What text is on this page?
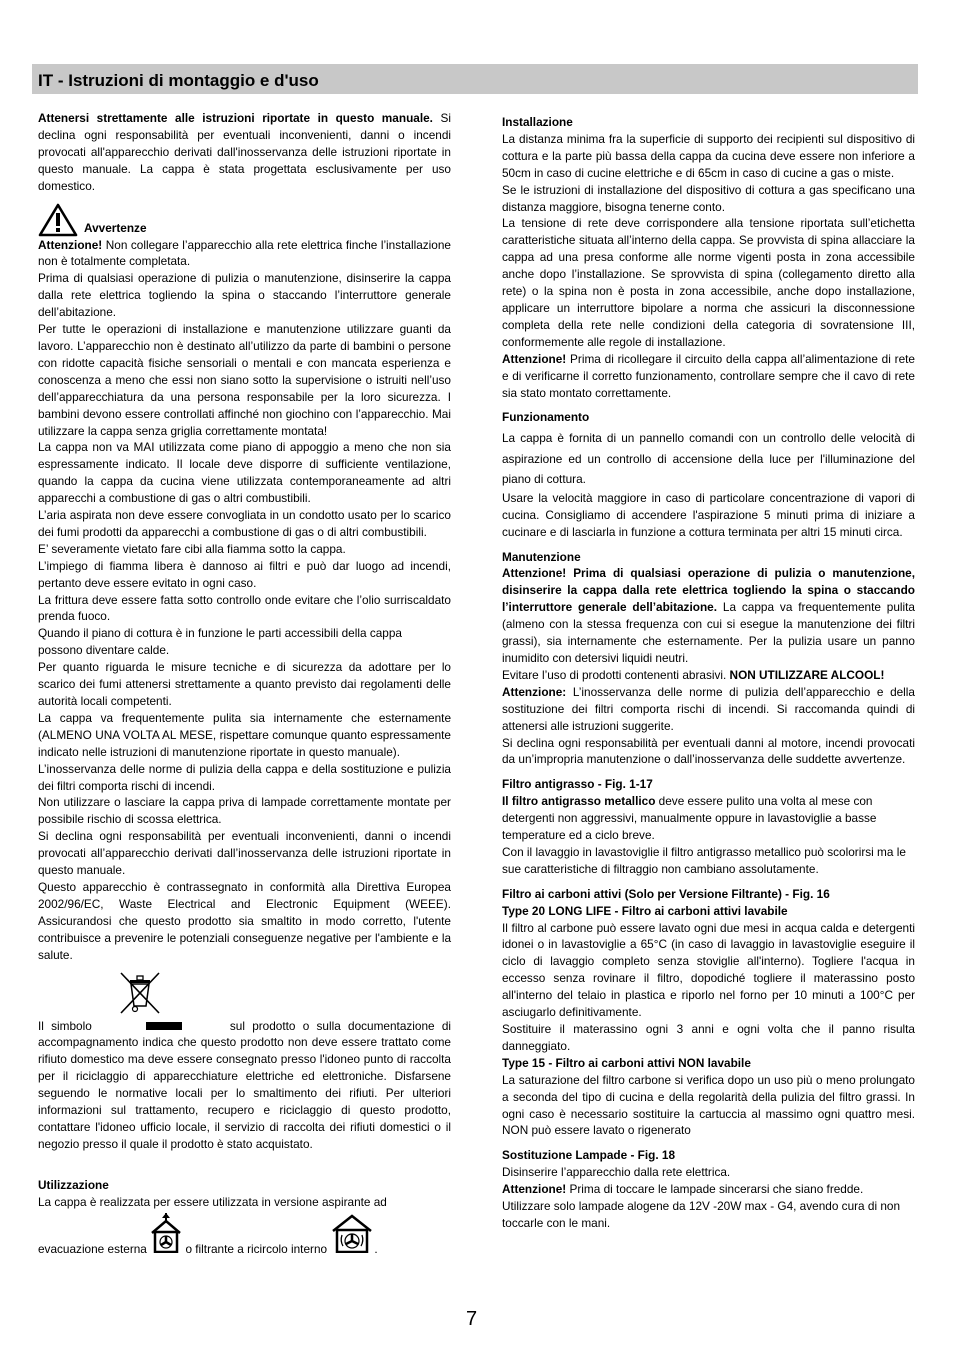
IT - Istruzioni di montaggio e d'uso

Attenersi strettamente alle istruzioni riportate in questo manuale. Si declina ogni responsabilità per eventuali inconvenienti, danni o incendi provocati all'apparecchio derivati dall'inosservanza delle istruzioni riportate in questo manuale. La cappa è stata progettata esclusivamente per uso domestico.

Avvertenze

Attenzione! Non collegare l’apparecchio alla rete elettrica finche l’installazione non è totalmente completata.

Prima di qualsiasi operazione di pulizia o manutenzione, disinserire la cappa dalla rete elettrica togliendo la spina o staccando l’interruttore generale dell’abitazione.

Per tutte le operazioni di installazione e manutenzione utilizzare guanti da lavoro. L’apparecchio non è destinato all’utilizzo da parte di bambini o persone con ridotte capacità fisiche sensoriali o mentali e con mancata esperienza e conoscenza a meno che essi non siano sotto la supervisione o istruiti nell’uso dell’apparecchiatura da una persona responsabile per la loro sicurezza. I bambini devono essere controllati affinché non giochino con l’apparecchio. Mai utilizzare la cappa senza griglia correttamente montata!

La cappa non va MAI utilizzata come piano di appoggio a meno che non sia espressamente indicato. Il locale deve disporre di sufficiente ventilazione, quando la cappa da cucina viene utilizzata contemporaneamente ad altri apparecchi a combustione di gas o altri combustibili.

L’aria aspirata non deve essere convogliata in un condotto usato per lo scarico dei fumi prodotti da apparecchi a combustione di gas o di altri combustibili.

E’ severamente vietato fare cibi alla fiamma sotto la cappa.

L’impiego di fiamma libera è dannoso ai filtri e può dar luogo ad incendi, pertanto deve essere evitato in ogni caso.

La frittura deve essere fatta sotto controllo onde evitare che l’olio surriscaldato prenda fuoco.

Quando il piano di cottura è in funzione le parti accessibili della cappa possono diventare calde.

Per quanto riguarda le misure tecniche e di sicurezza da adottare per lo scarico dei fumi attenersi strettamente a quanto previsto dai regolamenti delle autorità locali competenti.

La cappa va frequentemente pulita sia internamente che esternamente (ALMENO UNA VOLTA AL MESE, rispettare comunque quanto espressamente indicato nelle istruzioni di manutenzione riportate in questo manuale).

L’inosservanza delle norme di pulizia della cappa e della sostituzione e pulizia dei filtri comporta rischi di incendi.

Non utilizzare o lasciare la cappa priva di lampade correttamente montate per possibile rischio di scossa elettrica.

Si declina ogni responsabilità per eventuali inconvenienti, danni o incendi provocati all’apparecchio derivati dall’inosservanza delle istruzioni riportate in questo manuale.

Questo apparecchio è contrassegnato in conformità alla Direttiva Europea 2002/96/EC, Waste Electrical and Electronic Equipment (WEEE). Assicurandosi che questo prodotto sia smaltito in modo corretto, l'utente contribuisce a prevenire le potenziali conseguenze negative per l'ambiente e la salute.

Il simbolo	sul prodotto o sulla documentazione di accompagnamento indica che questo prodotto non deve essere trattato come rifiuto domestico ma deve essere consegnato presso l'idoneo punto di raccolta per il riciclaggio di apparecchiature elettriche ed elettroniche. Disfarsene seguendo le normative locali per lo smaltimento dei rifiuti. Per ulteriori informazioni sul trattamento, recupero e riciclaggio di questo prodotto, contattare l'idoneo ufficio locale, il servizio di raccolta dei rifiuti domestici o il negozio presso il quale il prodotto è stato acquistato.

Utilizzazione

La cappa è realizzata per essere utilizzata in versione aspirante ad

evacuazione esterna	o filtrante a ricircolo interno	.

Installazione

La distanza minima fra la superficie di supporto dei recipienti sul dispositivo di cottura e la parte più bassa della cappa da cucina deve essere non inferiore a 50cm in caso di cucine elettriche e di 65cm in caso di cucine a gas o miste.

Se le istruzioni di installazione del dispositivo di cottura a gas specificano una distanza maggiore, bisogna tenerne conto.

La tensione di rete deve corrispondere alla tensione riportata sull’etichetta caratteristiche situata all’interno della cappa. Se provvista di spina allacciare la cappa ad una presa conforme alle norme vigenti posta in zona accessibile anche dopo l’installazione. Se sprovvista di spina (collegamento diretto alla rete) o la spina non è posta in zona accessibile, anche dopo installazione, applicare un interruttore bipolare a norma che assicuri la disconnessione completa della rete nelle condizioni della categoria di sovratensione III, conformemente alle regole di installazione.

Attenzione! Prima di ricollegare il circuito della cappa all’alimentazione di rete e di verificarne il corretto funzionamento, controllare sempre che il cavo di rete sia stato montato correttamente.

Funzionamento

La cappa è fornita di un pannello comandi con un controllo delle velocità di aspirazione ed un controllo di accensione della luce per l'illuminazione del piano di cottura.

Usare la velocità maggiore in caso di particolare concentrazione di vapori di cucina. Consigliamo di accendere l'aspirazione 5 minuti prima di iniziare a cucinare e di lasciarla in funzione a cottura terminata per altri 15 minuti circa.

Manutenzione

Attenzione! Prima di qualsiasi operazione di pulizia o manutenzione, disinserire la cappa dalla rete elettrica togliendo la spina o staccando l’interruttore generale dell’abitazione. La cappa va frequentemente pulita (almeno con la stessa frequenza con cui si esegue la manutenzione dei filtri grassi), sia internamente che esternamente. Per la pulizia usare un panno inumidito con detersivi liquidi neutri.

Evitare l’uso di prodotti contenenti abrasivi. NON UTILIZZARE ALCOOL!

Attenzione: L’inosservanza delle norme di pulizia dell’apparecchio e della sostituzione dei filtri comporta rischi di incendi. Si raccomanda quindi di attenersi alle istruzioni suggerite.

Si declina ogni responsabilità per eventuali danni al motore, incendi provocati da un’impropria manutenzione o dall’inosservanza delle suddette avvertenze.

Filtro antigrasso - Fig. 1-17

Il filtro antigrasso metallico deve essere pulito una volta al mese con detergenti non aggressivi, manualmente oppure in lavastoviglie a basse temperature ed a ciclo breve.

Con il lavaggio in lavastoviglie il filtro antigrasso metallico può scolorirsi ma le sue caratteristiche di filtraggio non cambiano assolutamente.

Filtro ai carboni attivi (Solo per Versione Filtrante) - Fig. 16

Type 20 LONG LIFE - Filtro ai carboni attivi lavabile

Il filtro al carbone può essere lavato ogni due mesi in acqua calda e detergenti idonei o in lavastoviglie a 65°C (in caso di lavaggio in lavastoviglie eseguire il ciclo di lavaggio completo senza stoviglie all'interno). Togliere l'acqua in eccesso senza rovinare il filtro, dopodiché togliere il materassino posto all'interno del telaio in plastica e riporlo nel forno per 10 minuti a 100°C per asciugarlo definitivamente.

Sostituire il materassino ogni 3 anni e ogni volta che il panno risulta danneggiato.

Type 15 - Filtro ai carboni attivi NON lavabile

La saturazione del filtro carbone si verifica dopo un uso più o meno prolungato a seconda del tipo di cucina e della regolarità della pulizia del filtro grassi. In ogni caso è necessario sostituire la cartuccia al massimo ogni quattro mesi. NON può essere lavato o rigenerato

Sostituzione Lampade - Fig. 18

Disinserire l’apparecchio dalla rete elettrica.

Attenzione! Prima di toccare le lampade sincerarsi che siano fredde.

Utilizzare solo lampade alogene da 12V -20W max - G4, avendo cura di non toccarle con le mani.

7
